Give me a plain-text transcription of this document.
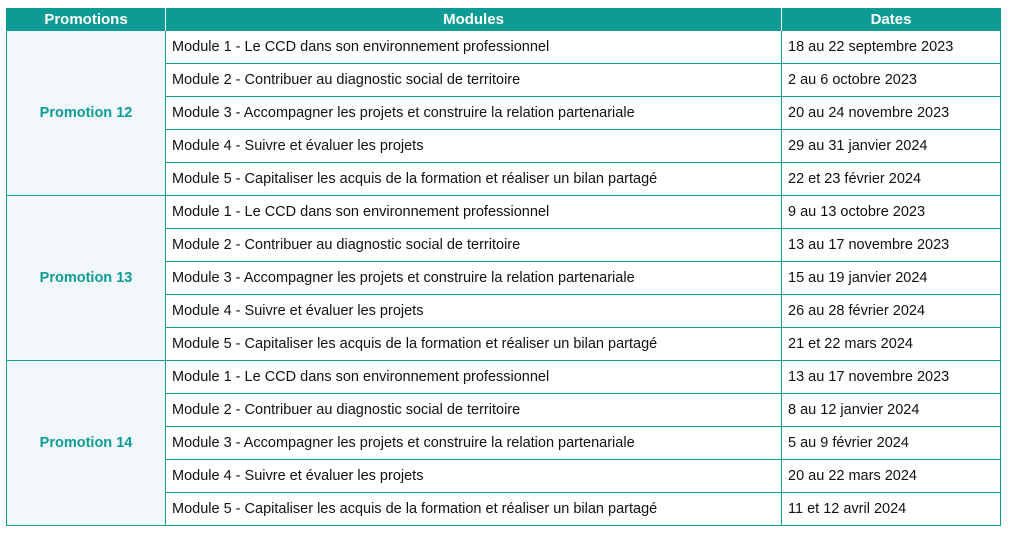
Promotions	Modules	Dates
Promotion 12	Module 1 - Le CCD dans son environnement professionnel	18 au 22 septembre 2023
	Module 2 - Contribuer au diagnostic social de territoire	2 au 6 octobre 2023
	Module 3 - Accompagner les projets et construire la relation partenariale	20 au 24 novembre 2023
	Module 4 - Suivre et évaluer les projets	29 au 31 janvier 2024
	Module 5 - Capitaliser les acquis de la formation et réaliser un bilan partagé	22 et 23 février 2024
Promotion 13	Module 1 - Le CCD dans son environnement professionnel	9 au 13 octobre 2023
	Module 2 - Contribuer au diagnostic social de territoire	13 au 17 novembre 2023
	Module 3 - Accompagner les projets et construire la relation partenariale	15 au 19 janvier 2024
	Module 4 - Suivre et évaluer les projets	26 au 28 février 2024
	Module 5 - Capitaliser les acquis de la formation et réaliser un bilan partagé	21 et 22 mars 2024
Promotion 14	Module 1 - Le CCD dans son environnement professionnel	13 au 17 novembre 2023
	Module 2 - Contribuer au diagnostic social de territoire	8 au 12 janvier 2024
	Module 3 - Accompagner les projets et construire la relation partenariale	5 au 9 février 2024
	Module 4 - Suivre et évaluer les projets	20 au 22 mars 2024
	Module 5 - Capitaliser les acquis de la formation et réaliser un bilan partagé	11 et 12 avril 2024
